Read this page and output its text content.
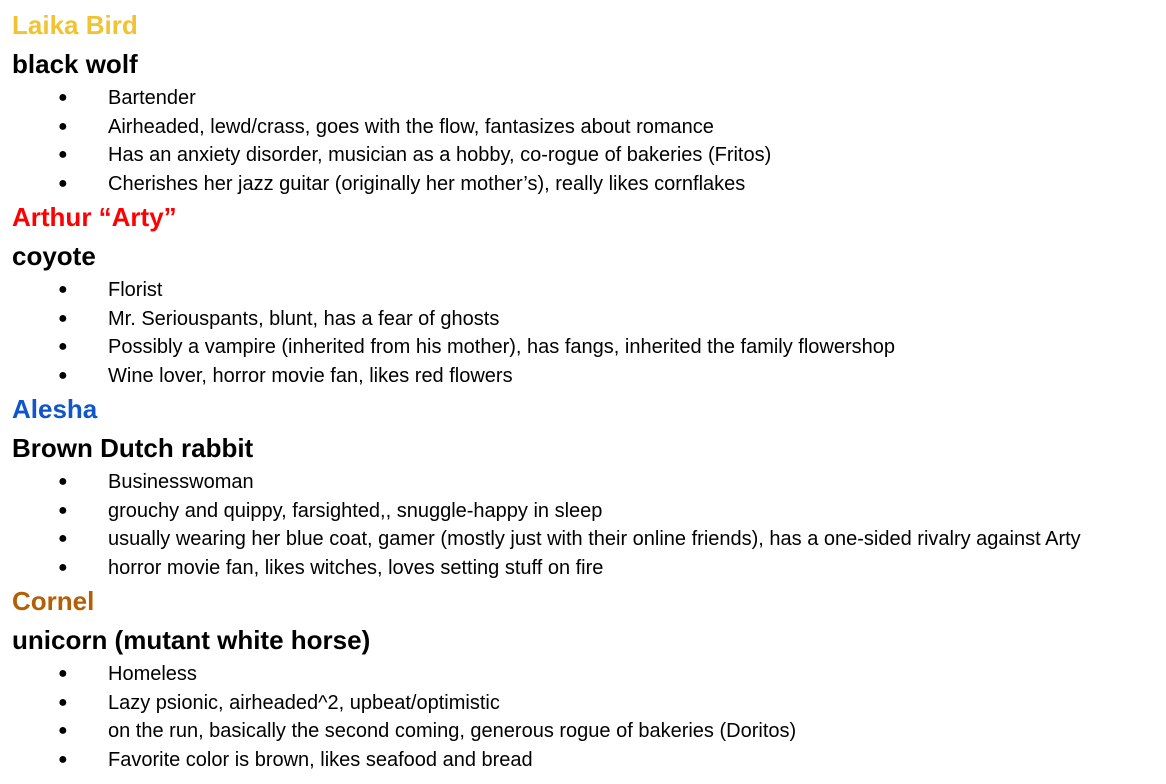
Laika Bird
black wolf
● Bartender
● Airheaded, lewd/crass, goes with the flow, fantasizes about romance
● Has an anxiety disorder, musician as a hobby, co-rogue of bakeries (Fritos)
● Cherishes her jazz guitar (originally her mother’s), really likes cornflakes
Arthur “Arty”
coyote
● Florist
● Mr. Seriouspants, blunt, has a fear of ghosts
● Possibly a vampire (inherited from his mother), has fangs, inherited the family flowershop
● Wine lover, horror movie fan, likes red flowers
Alesha
Brown Dutch rabbit
● Businesswoman
● grouchy and quippy, farsighted,, snuggle-happy in sleep
● usually wearing her blue coat, gamer (mostly just with their online friends), has a one-sided rivalry against Arty
● horror movie fan, likes witches, loves setting stuff on fire
Cornel
unicorn (mutant white horse)
● Homeless
● Lazy psionic, airheaded^2, upbeat/optimistic
● on the run, basically the second coming, generous rogue of bakeries (Doritos)
● Favorite color is brown, likes seafood and bread
